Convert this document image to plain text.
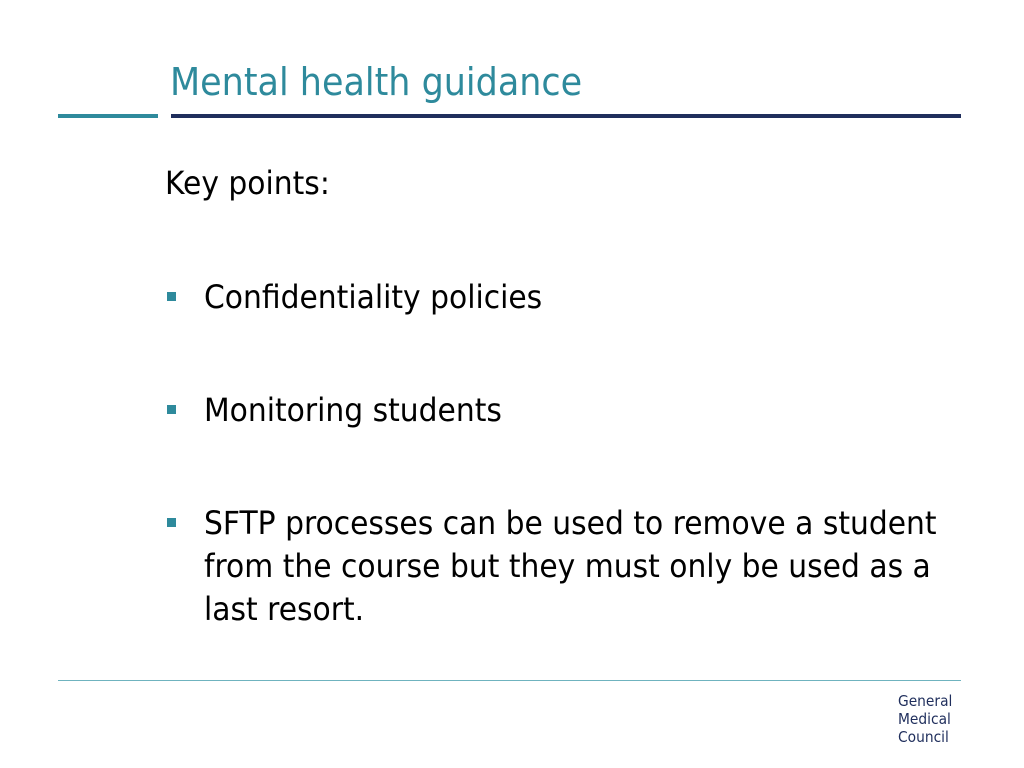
Mental health guidance
Key points:
Confidentiality policies
Monitoring students
SFTP processes can be used to remove a student from the course but they must only be used as a last resort.
General
Medical
Council
